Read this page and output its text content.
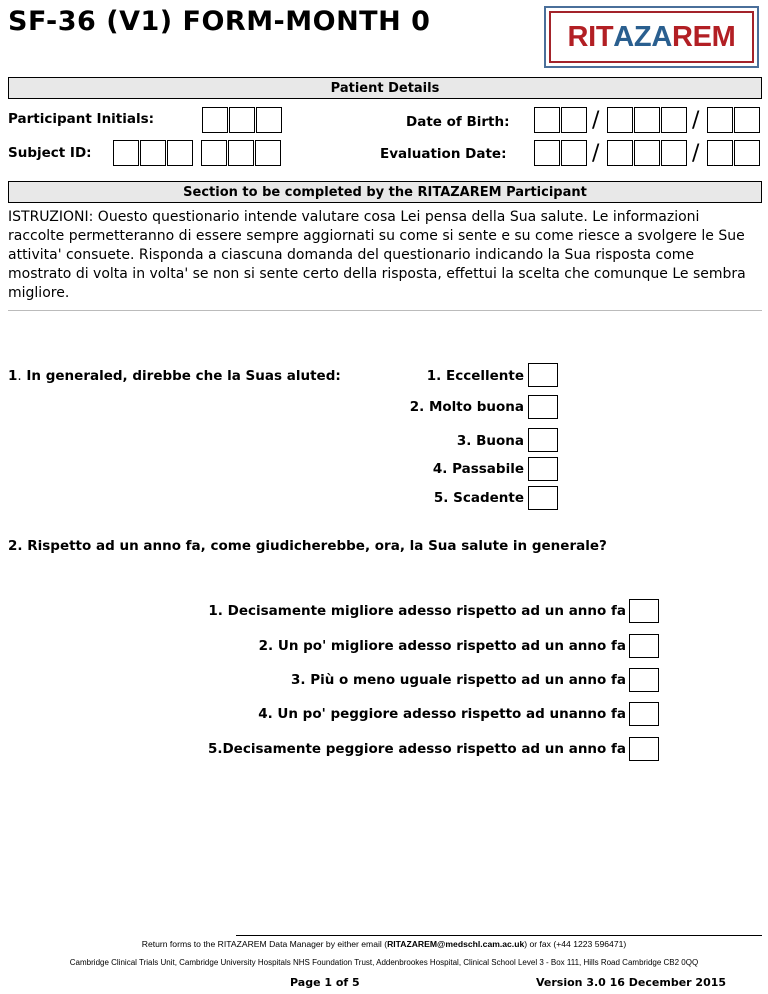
SF-36 (V1) FORM-MONTH 0	RIT AZA REM
Patient Details
Participant Initials:	Date of Birth:	/	/
Subject ID:	Evaluation Date:	/	/
Section to be completed by the RITAZAREM Participant
ISTRUZIONI: Ouesto questionario intende valutare cosa Lei pensa della Sua salute. Le informazioni raccolte permetteranno di essere sempre aggiornati su come si sente e su come riesce a svolgere le Sue attivita' consuete. Risponda a ciascuna domanda del questionario indicando la Sua risposta come mostrato di volta in volta' se non si sente certo della risposta, effettui la scelta che comunque Le sembra migliore.
1. In generaled, direbbe che la Suas aluted:	1. Eccellente
2. Molto buona
3. Buona
4. Passabile
5. Scadente
2. Rispetto ad un anno fa, come giudicherebbe, ora, la Sua salute in generale?
1. Decisamente migliore adesso rispetto ad un anno fa
2. Un po' migliore adesso rispetto ad un anno fa
3. Più o meno uguale rispetto ad un anno fa
4. Un po' peggiore adesso rispetto ad unanno fa
5.Decisamente peggiore adesso rispetto ad un anno fa
Return forms to the RITAZAREM Data Manager by either email (RITAZAREM@medschl.cam.ac.uk) or fax (+44 1223 596471)
Cambridge Clinical Trials Unit, Cambridge University Hospitals NHS Foundation Trust, Addenbrookes Hospital, Clinical School Level 3 - Box 111, Hills Road Cambridge CB2 0QQ
Page 1 of 5	Version 3.0 16 December 2015
